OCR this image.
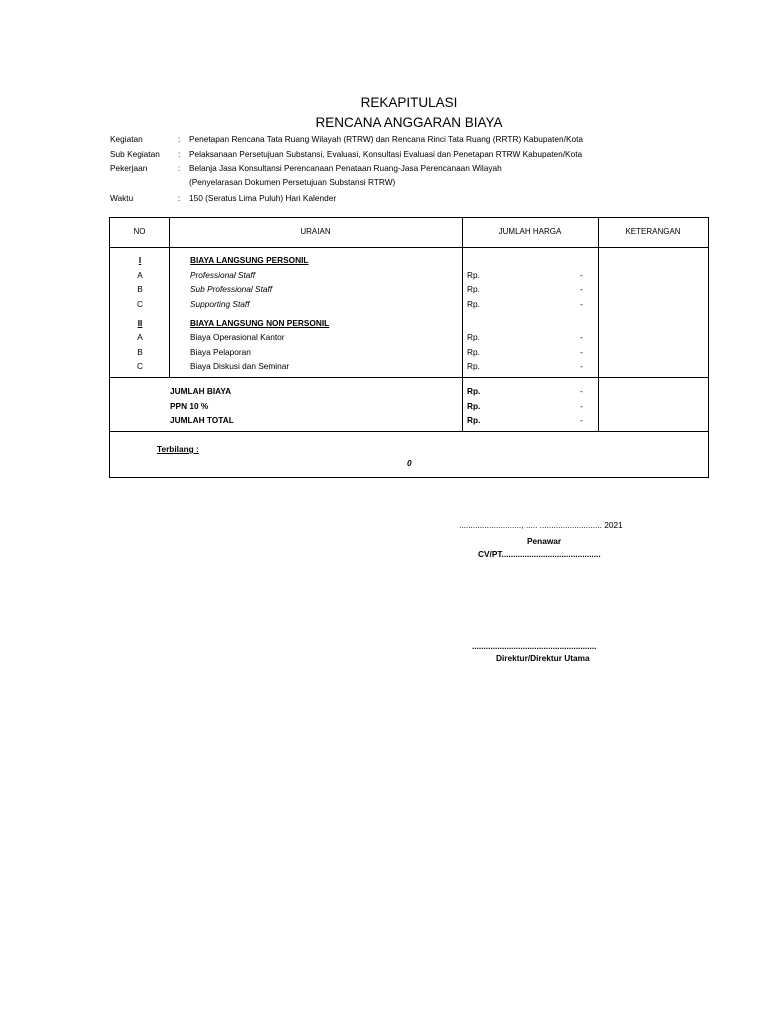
REKAPITULASI
RENCANA ANGGARAN BIAYA
Kegiatan	: Penetapan Rencana Tata Ruang Wilayah (RTRW) dan Rencana Rinci Tata Ruang (RRTR) Kabupaten/Kota
Sub Kegiatan	: Pelaksanaan Persetujuan Substansi, Evaluasi, Konsultasi Evaluasi dan Penetapan RTRW Kabupaten/Kota
Pekerjaan	: Belanja Jasa Konsultansi Perencanaan Penataan Ruang-Jasa Perencanaan Wilayah
(Penyelarasan Dokumen Persetujuan Substansi RTRW)
Waktu	: 150 (Seratus Lima Puluh) Hari Kalender
NO	URAIAN	JUMLAH HARGA	KETERANGAN
I	BIAYA LANGSUNG PERSONIL
A	Professional Staff	Rp.	-
B	Sub Professional Staff	Rp.	-
C	Supporting Staff	Rp.	-
II	BIAYA LANGSUNG NON PERSONIL
A	Biaya Operasional Kantor	Rp.	-
B	Biaya Pelaporan	Rp.	-
C	Biaya Diskusi dan Seminar	Rp.	-
JUMLAH BIAYA	Rp.	-
PPN 10 %	Rp.	-
JUMLAH TOTAL	Rp.	-
Terbilang :
0
..........................., ..... ........................... 2021
Penawar
CV/PT...........................................
......................................................
Direktur/Direktur Utama
